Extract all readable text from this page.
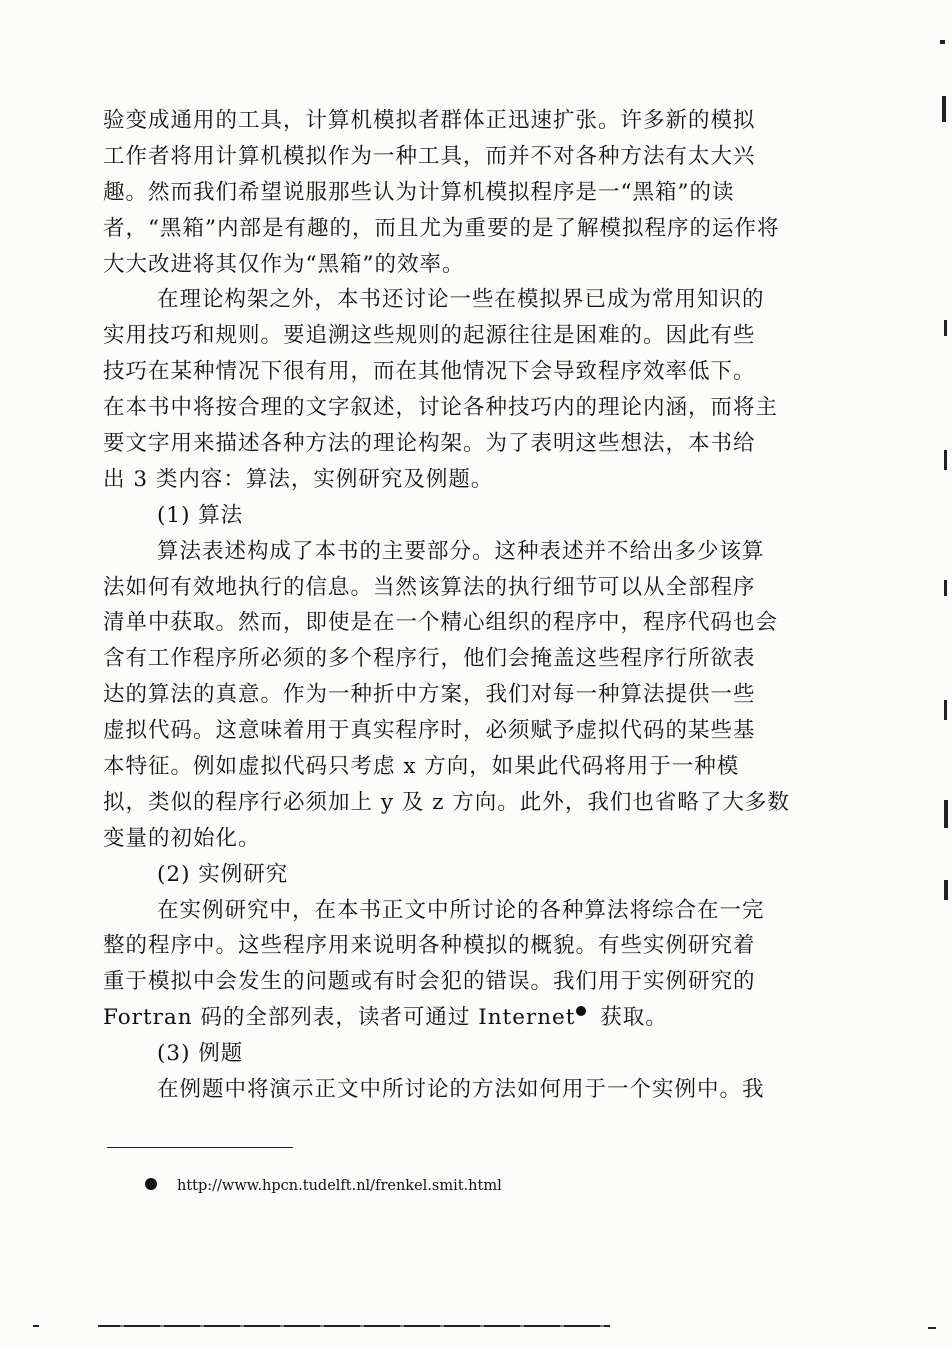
验变成通用的工具，计算机模拟者群体正迅速扩张。许多新的模拟
工作者将用计算机模拟作为一种工具，而并不对各种方法有太大兴
趣。然而我们希望说服那些认为计算机模拟程序是一“黑箱”的读
者，“黑箱”内部是有趣的，而且尤为重要的是了解模拟程序的运作将
大大改进将其仅作为“黑箱”的效率。
在理论构架之外，本书还讨论一些在模拟界已成为常用知识的
实用技巧和规则。要追溯这些规则的起源往往是困难的。因此有些
技巧在某种情况下很有用，而在其他情况下会导致程序效率低下。
在本书中将按合理的文字叙述，讨论各种技巧内的理论内涵，而将主
要文字用来描述各种方法的理论构架。为了表明这些想法，本书给
出 3 类内容：算法，实例研究及例题。
(1) 算法
算法表述构成了本书的主要部分。这种表述并不给出多少该算
法如何有效地执行的信息。当然该算法的执行细节可以从全部程序
清单中获取。然而，即使是在一个精心组织的程序中，程序代码也会
含有工作程序所必须的多个程序行，他们会掩盖这些程序行所欲表
达的算法的真意。作为一种折中方案，我们对每一种算法提供一些
虚拟代码。这意味着用于真实程序时，必须赋予虚拟代码的某些基
本特征。例如虚拟代码只考虑 x 方向，如果此代码将用于一种模
拟，类似的程序行必须加上 y 及 z 方向。此外，我们也省略了大多数
变量的初始化。
(2) 实例研究
在实例研究中，在本书正文中所讨论的各种算法将综合在一完
整的程序中。这些程序用来说明各种模拟的概貌。有些实例研究着
重于模拟中会发生的问题或有时会犯的错误。我们用于实例研究的
Fortran 码的全部列表，读者可通过 Internet 获取。
(3) 例题
在例题中将演示正文中所讨论的方法如何用于一个实例中。我
http://www.hpcn.tudelft.nl/frenkel.smit.html
